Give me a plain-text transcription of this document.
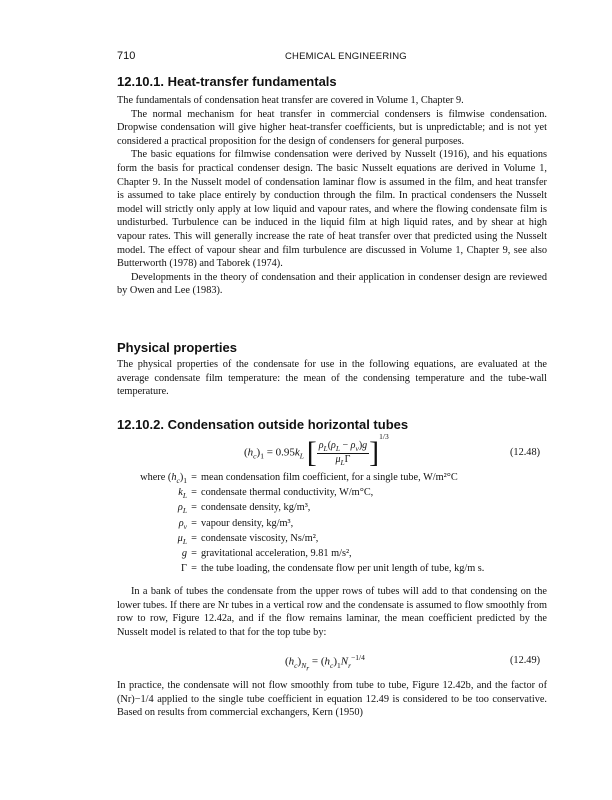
710	CHEMICAL ENGINEERING
12.10.1. Heat-transfer fundamentals

The fundamentals of condensation heat transfer are covered in Volume 1, Chapter 9.

The normal mechanism for heat transfer in commercial condensers is filmwise condensation. Dropwise condensation will give higher heat-transfer coefficients, but is unpredictable; and is not yet considered a practical proposition for the design of condensers for general purposes.

The basic equations for filmwise condensation were derived by Nusselt (1916), and his equations form the basis for practical condenser design. The basic Nusselt equations are derived in Volume 1, Chapter 9. In the Nusselt model of condensation laminar flow is assumed in the film, and heat transfer is assumed to take place entirely by conduction through the film. In practical condensers the Nusselt model will strictly only apply at low liquid and vapour rates, and where the flowing condensate film is undisturbed. Turbulence can be induced in the liquid film at high liquid rates, and by shear at high vapour rates. This will generally increase the rate of heat transfer over that predicted using the Nusselt model. The effect of vapour shear and film turbulence are discussed in Volume 1, Chapter 9, see also Butterworth (1978) and Taborek (1974).

Developments in the theory of condensation and their application in condenser design are reviewed by Owen and Lee (1983).

Physical properties

The physical properties of the condensate for use in the following equations, are evaluated at the average condensate film temperature: the mean of the condensing temperature and the tube-wall temperature.

12.10.2. Condensation outside horizontal tubes
$(h_c)_1 = 0.95k_L$ [ $\frac{\rho_L(\rho_L - \rho_v)g}{\mu_L\Gamma} ]^{1/3}$
(12.48)
where $(h_c)_1$ = mean condensation film coefficient, for a single tube, W/m²°C
$k_L$ = condensate thermal conductivity, W/m°C,
$\rho_L$ = condensate density, kg/m³,
$\rho_v$ = vapour density, kg/m³,
$\mu_L$ = condensate viscosity, Ns/m²,
g = gravitational acceleration, 9.81 m/s²,
Γ = the tube loading, the condensate flow per unit length of tube, kg/m s.

In a bank of tubes the condensate from the upper rows of tubes will add to that condensing on the lower tubes. If there are Nr tubes in a vertical row and the condensate is assumed to flow smoothly from row to row, Figure 12.42a, and if the flow remains laminar, the mean coefficient predicted by the Nusselt model is related to that for the top tube by:

$(h_c)_{N_r} = (h_c)_1N_r^{-1/4}$	(12.49)

In practice, the condensate will not flow smoothly from tube to tube, Figure 12.42b, and the factor of (Nr)−1/4 applied to the single tube coefficient in equation 12.49 is considered to be too conservative. Based on results from commercial exchangers, Kern (1950)
